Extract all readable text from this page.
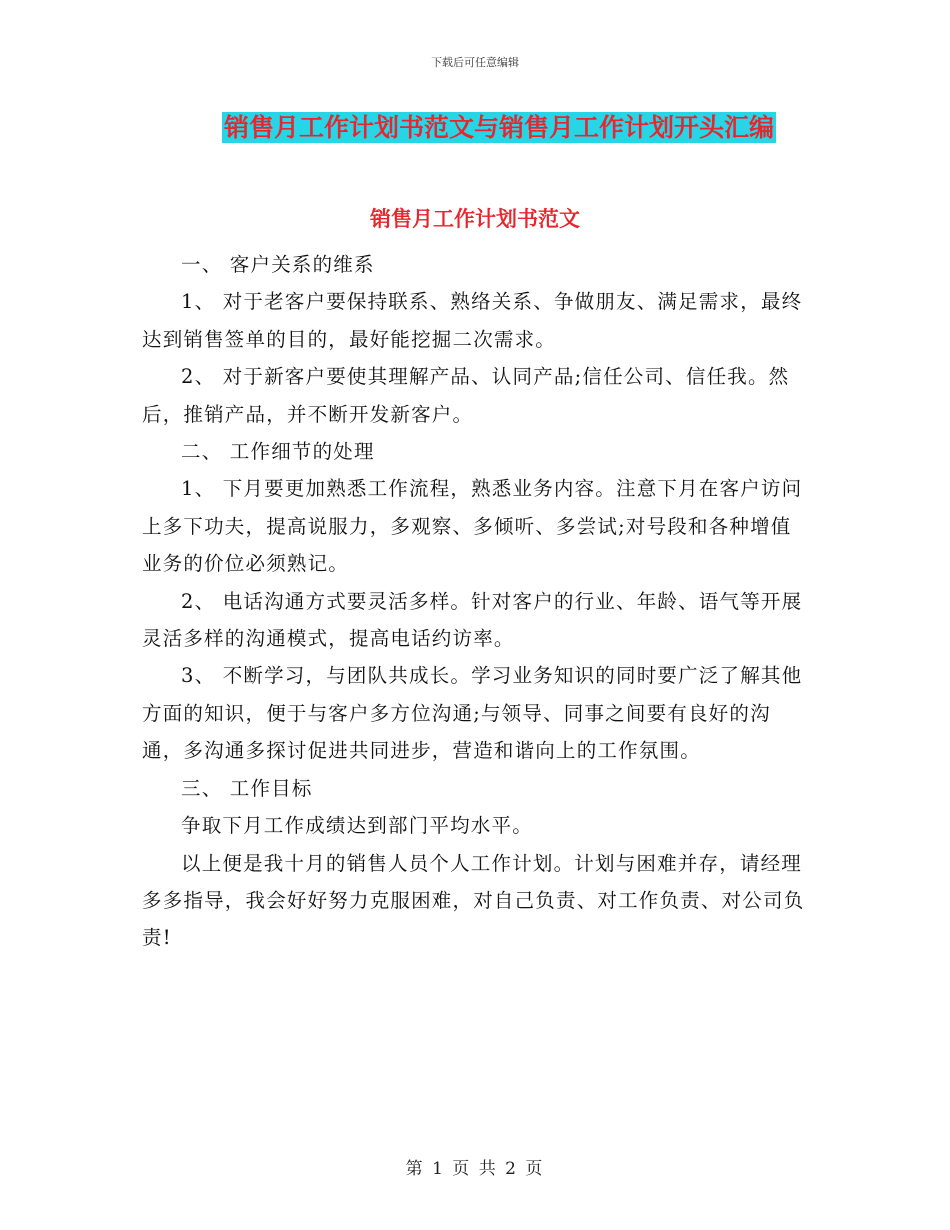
下载后可任意编辑
销售月工作计划书范文与销售月工作计划开头汇编
销售月工作计划书范文

一、 客户关系的维系

1、 对于老客户要保持联系、熟络关系、争做朋友、满足需求，最终达到销售签单的目的，最好能挖掘二次需求。

2、 对于新客户要使其理解产品、认同产品;信任公司、信任我。然后，推销产品，并不断开发新客户。

二、 工作细节的处理

1、 下月要更加熟悉工作流程，熟悉业务内容。注意下月在客户访问上多下功夫，提高说服力，多观察、多倾听、多尝试;对号段和各种增值业务的价位必须熟记。

2、 电话沟通方式要灵活多样。针对客户的行业、年龄、语气等开展灵活多样的沟通模式，提高电话约访率。

3、 不断学习，与团队共成长。学习业务知识的同时要广泛了解其他方面的知识，便于与客户多方位沟通;与领导、同事之间要有良好的沟通，多沟通多探讨促进共同进步，营造和谐向上的工作氛围。

三、 工作目标

争取下月工作成绩达到部门平均水平。

以上便是我十月的销售人员个人工作计划。计划与困难并存，请经理多多指导，我会好好努力克服困难，对自己负责、对工作负责、对公司负责!

第 1 页 共 2 页
